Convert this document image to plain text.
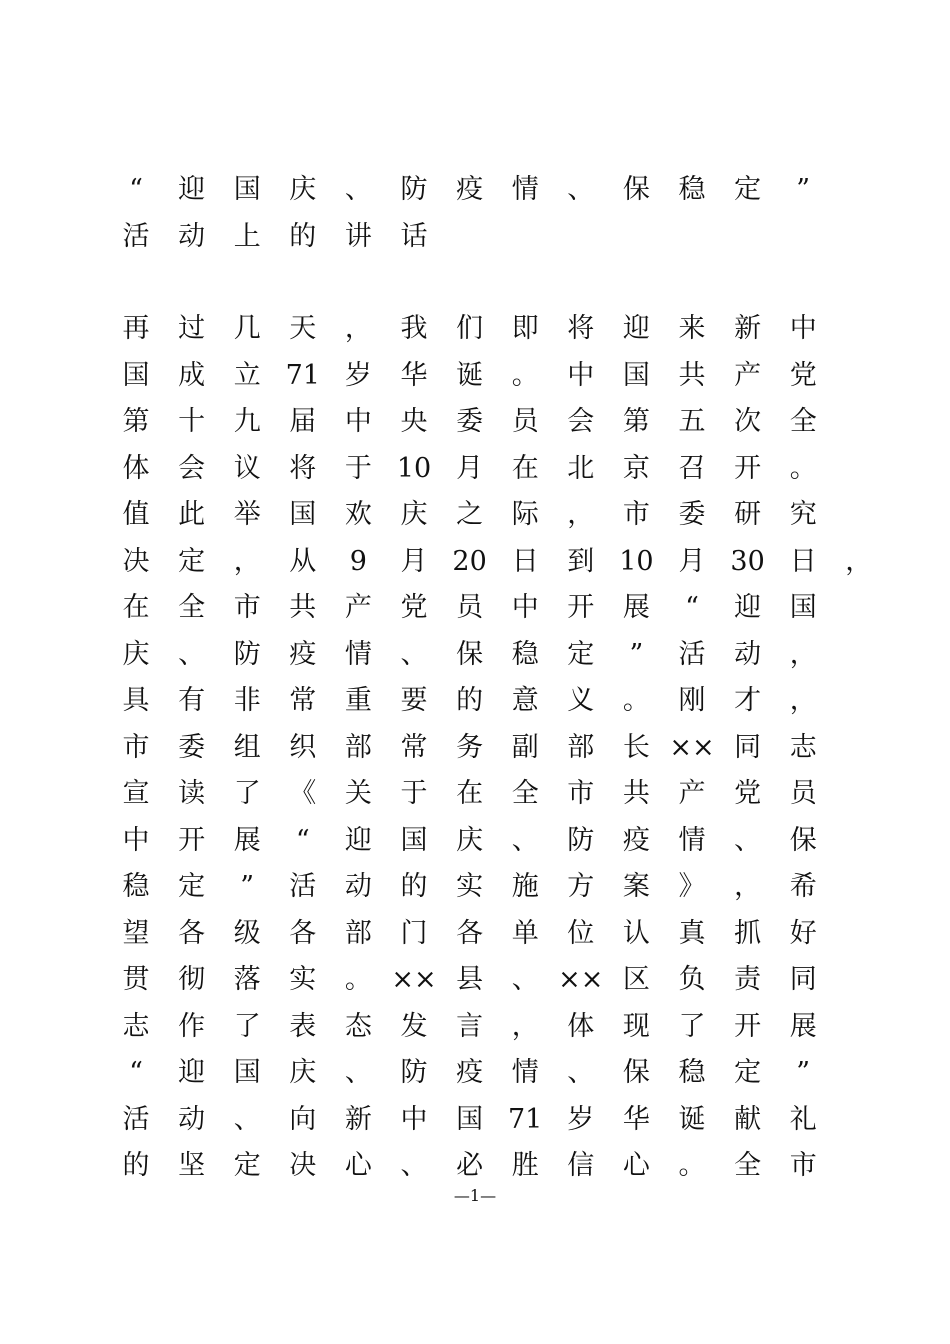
“	迎	国	庆	、	防	疫	情	、	保	稳	定	”
活	动	上	的	讲	话
再	过	几	天	，	我	们	即	将	迎	来	新	中
国	成	立 71 岁	华	诞	。	中	国	共	产	党
第	十	九	届	中	央	委	员	会	第	五	次	全
体	会	议	将	于 10 月	在	北	京	召	开	。
值	此	举	国	欢	庆	之	际	，	市	委	研	究
决	定	，	从	9	月 20 日	到 10 月 30 日	，
在	全	市	共	产	党	员	中	开	展	“	迎	国
庆	、	防	疫	情	、	保	稳	定	”	活	动	，
具	有	非	常	重	要	的	意	义	。	刚	才	，
市	委	组	织	部	常	务	副	部	长 ×× 同	志
宣	读	了	《	关	于	在	全	市	共	产	党	员
中	开	展	“	迎	国	庆	、	防	疫	情	、	保
稳	定	”	活	动	的	实	施	方	案	》	，	希
望	各	级	各	部	门	各	单	位	认	真	抓	好
贯	彻	落	实	。 ×× 县	、 ×× 区	负	责	同
志	作	了	表	态	发	言	，	体	现	了	开	展
“	迎	国	庆	、	防	疫	情	、	保	稳	定	”
活	动	、	向	新	中	国 71 岁	华	诞	献	礼
的	坚	定	决	心	、	必	胜	信	心	。	全	市
—1—
